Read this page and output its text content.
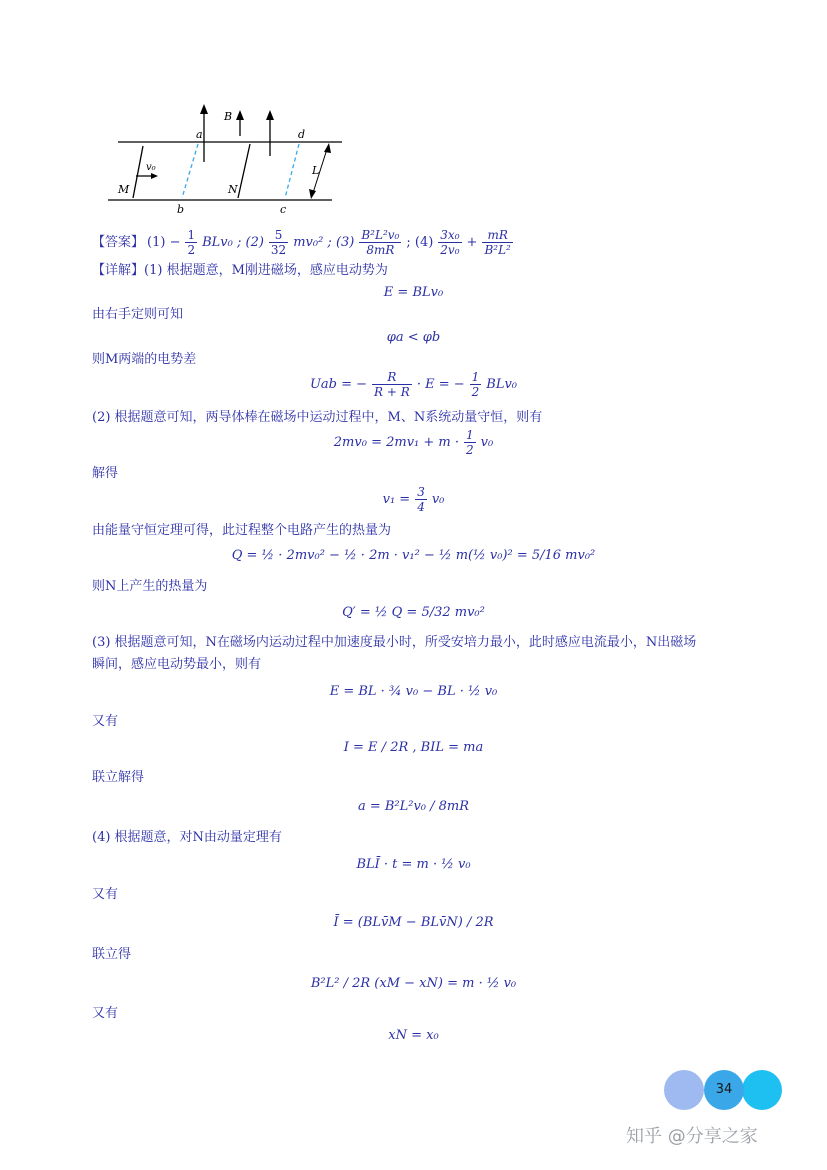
a
b	c
d
B
M	N
L
v₀
【答案】 $(1) - \frac{1}{2} BLv_0$ ; $(2) \frac{5}{32} mv_0^2$ ; $(3) \frac{\text{B²L²v₀}}{8mR}$ ; $(4) \frac{\text{3x₀}}{\text{2v₀}} + \frac{mR}{\text{B²L²}}$
【详解】(1) 根据题意，M刚进磁场，感应电动势为
E = BLv₀
由右手定则可知
φa < φb
则M两端的电势差
Uab = − $\frac{R}{R + R} \cdot E$ = − $\frac{1}{2} BLv_0$
(2) 根据题意可知，两导体棒在磁场中运动过程中，M、N系统动量守恒，则有
$2mv_0 = 2mv_1 + m \cdot \frac{1}{2} v_0$
解得
$v_1 = \frac{3}{4} v_0$
由能量守恒定理可得，此过程整个电路产生的热量为
Q = ½ · 2mv₀² − ½ · 2m · v₁² − ½ m(½ v₀)² = 5/16 mv₀²
则N上产生的热量为
Q′ = ½ Q = 5/32 mv₀²
(3) 根据题意可知，N在磁场内运动过程中加速度最小时，所受安培力最小，此时感应电流最小，N出磁场
瞬间，感应电动势最小，则有
E = BL · ¾ v₀ − BL · ½ v₀
又有
I = E / 2R , BIL = ma
联立解得
a = B²L²v₀ / 8mR
(4) 根据题意，对N由动量定理有
BLĪ · t = m · ½ v₀
又有
Ī = (BLv̄M − BLv̄N) / 2R
联立得
B²L² / 2R (xM − xN) = m · ½ v₀
又有
xN = x₀
34
知乎 @分享之家
